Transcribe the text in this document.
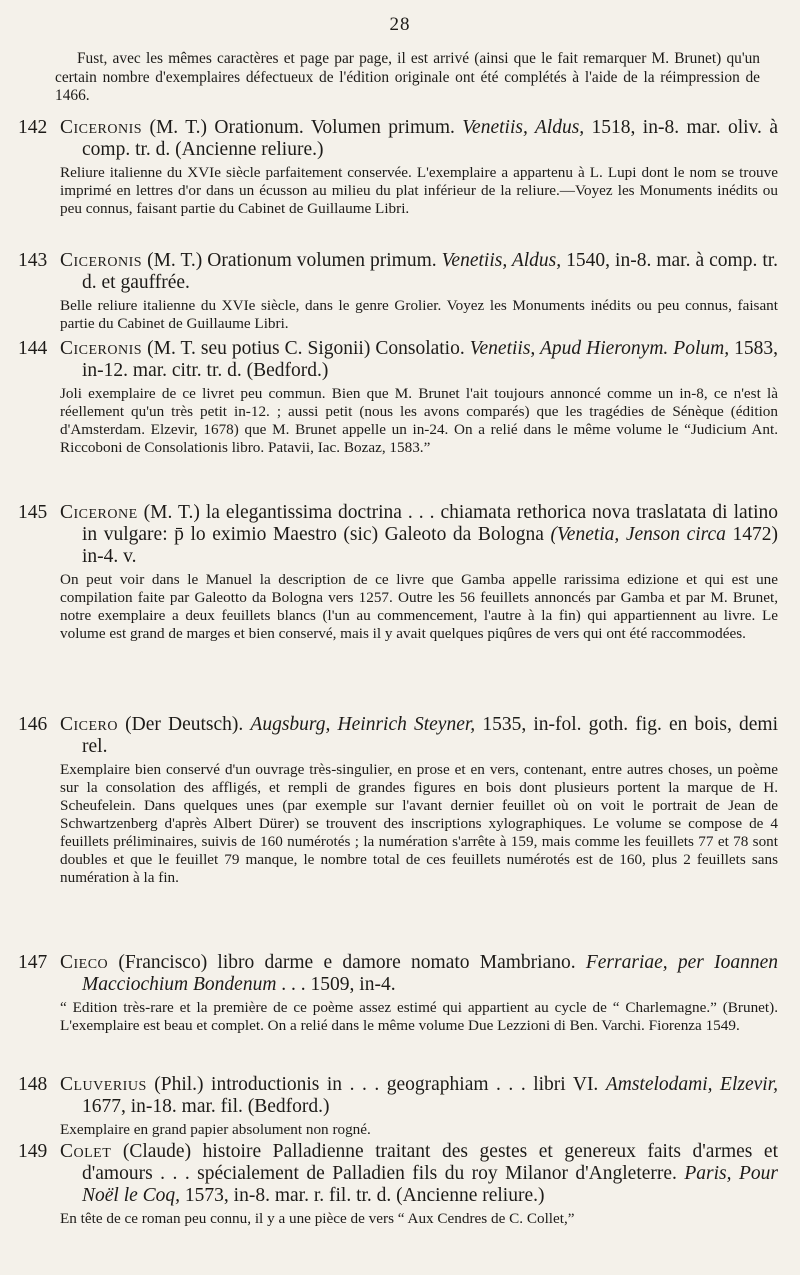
28
Fust, avec les mêmes caractères et page par page, il est arrivé (ainsi que le fait remarquer M. Brunet) qu'un certain nombre d'exemplaires défectueux de l'édition originale ont été complétés à l'aide de la réimpression de 1466.
142 Ciceronis (M. T.) Orationum. Volumen primum. Venetiis, Aldus, 1518, in-8. mar. oliv. à comp. tr. d. (Ancienne reliure.)
Reliure italienne du XVIe siècle parfaitement conservée. L'exemplaire a appartenu à L. Lupi dont le nom se trouve imprimé en lettres d'or dans un écusson au milieu du plat inférieur de la reliure.—Voyez les Monuments inédits ou peu connus, faisant partie du Cabinet de Guillaume Libri.
143 Ciceronis (M. T.) Orationum volumen primum. Venetiis, Aldus, 1540, in-8. mar. à comp. tr. d. et gauffrée.
Belle reliure italienne du XVIe siècle, dans le genre Grolier. Voyez les Monuments inédits ou peu connus, faisant partie du Cabinet de Guillaume Libri.
144 Ciceronis (M. T. seu potius C. Sigonii) Consolatio. Venetiis, Apud Hieronym. Polum, 1583, in-12. mar. citr. tr. d. (Bedford.)
Joli exemplaire de ce livret peu commun. Bien que M. Brunet l'ait toujours annoncé comme un in-8, ce n'est là réellement qu'un très petit in-12. ; aussi petit (nous les avons comparés) que les tragédies de Sénèque (édition d'Amsterdam. Elzevir, 1678) que M. Brunet appelle un in-24. On a relié dans le même volume le “Judicium Ant. Riccoboni de Consolationis libro. Patavii, Iac. Bozaz, 1583.”
145 Cicerone (M. T.) la elegantissima doctrina . . . chiamata rethorica nova traslatata di latino in vulgare: p̄ lo eximio Maestro (sic) Galeoto da Bologna (Venetia, Jenson circa 1472) in-4. v.
On peut voir dans le Manuel la description de ce livre que Gamba appelle rarissima edizione et qui est une compilation faite par Galeotto da Bologna vers 1257. Outre les 56 feuillets annoncés par Gamba et par M. Brunet, notre exemplaire a deux feuillets blancs (l'un au commencement, l'autre à la fin) qui appartiennent au livre. Le volume est grand de marges et bien conservé, mais il y avait quelques piqûres de vers qui ont été raccommodées.
146 Cicero (Der Deutsch). Augsburg, Heinrich Steyner, 1535, in-fol. goth. fig. en bois, demi rel.
Exemplaire bien conservé d'un ouvrage très-singulier, en prose et en vers, contenant, entre autres choses, un poème sur la consolation des affligés, et rempli de grandes figures en bois dont plusieurs portent la marque de H. Scheufelein. Dans quelques unes (par exemple sur l'avant dernier feuillet où on voit le portrait de Jean de Schwartzenberg d'après Albert Dürer) se trouvent des inscriptions xylographiques. Le volume se compose de 4 feuillets préliminaires, suivis de 160 numérotés ; la numération s'arrête à 159, mais comme les feuillets 77 et 78 sont doubles et que le feuillet 79 manque, le nombre total de ces feuillets numérotés est de 160, plus 2 feuillets sans numération à la fin.
147 Cieco (Francisco) libro darme e damore nomato Mambriano. Ferrariae, per Ioannen Macciochium Bondenum . . . 1509, in-4.
“ Edition très-rare et la première de ce poème assez estimé qui appartient au cycle de “ Charlemagne.” (Brunet). L'exemplaire est beau et complet. On a relié dans le même volume Due Lezzioni di Ben. Varchi. Fiorenza 1549.
148 Cluverius (Phil.) introductionis in . . . geographiam . . . libri VI. Amstelodami, Elzevir, 1677, in-18. mar. fil. (Bedford.)
Exemplaire en grand papier absolument non rogné.
149 Colet (Claude) histoire Palladienne traitant des gestes et genereux faits d'armes et d'amours . . . spécialement de Palladien fils du roy Milanor d'Angleterre. Paris, Pour Noël le Coq, 1573, in-8. mar. r. fil. tr. d. (Ancienne reliure.)
En tête de ce roman peu connu, il y a une pièce de vers “ Aux Cendres de C. Collet,”
